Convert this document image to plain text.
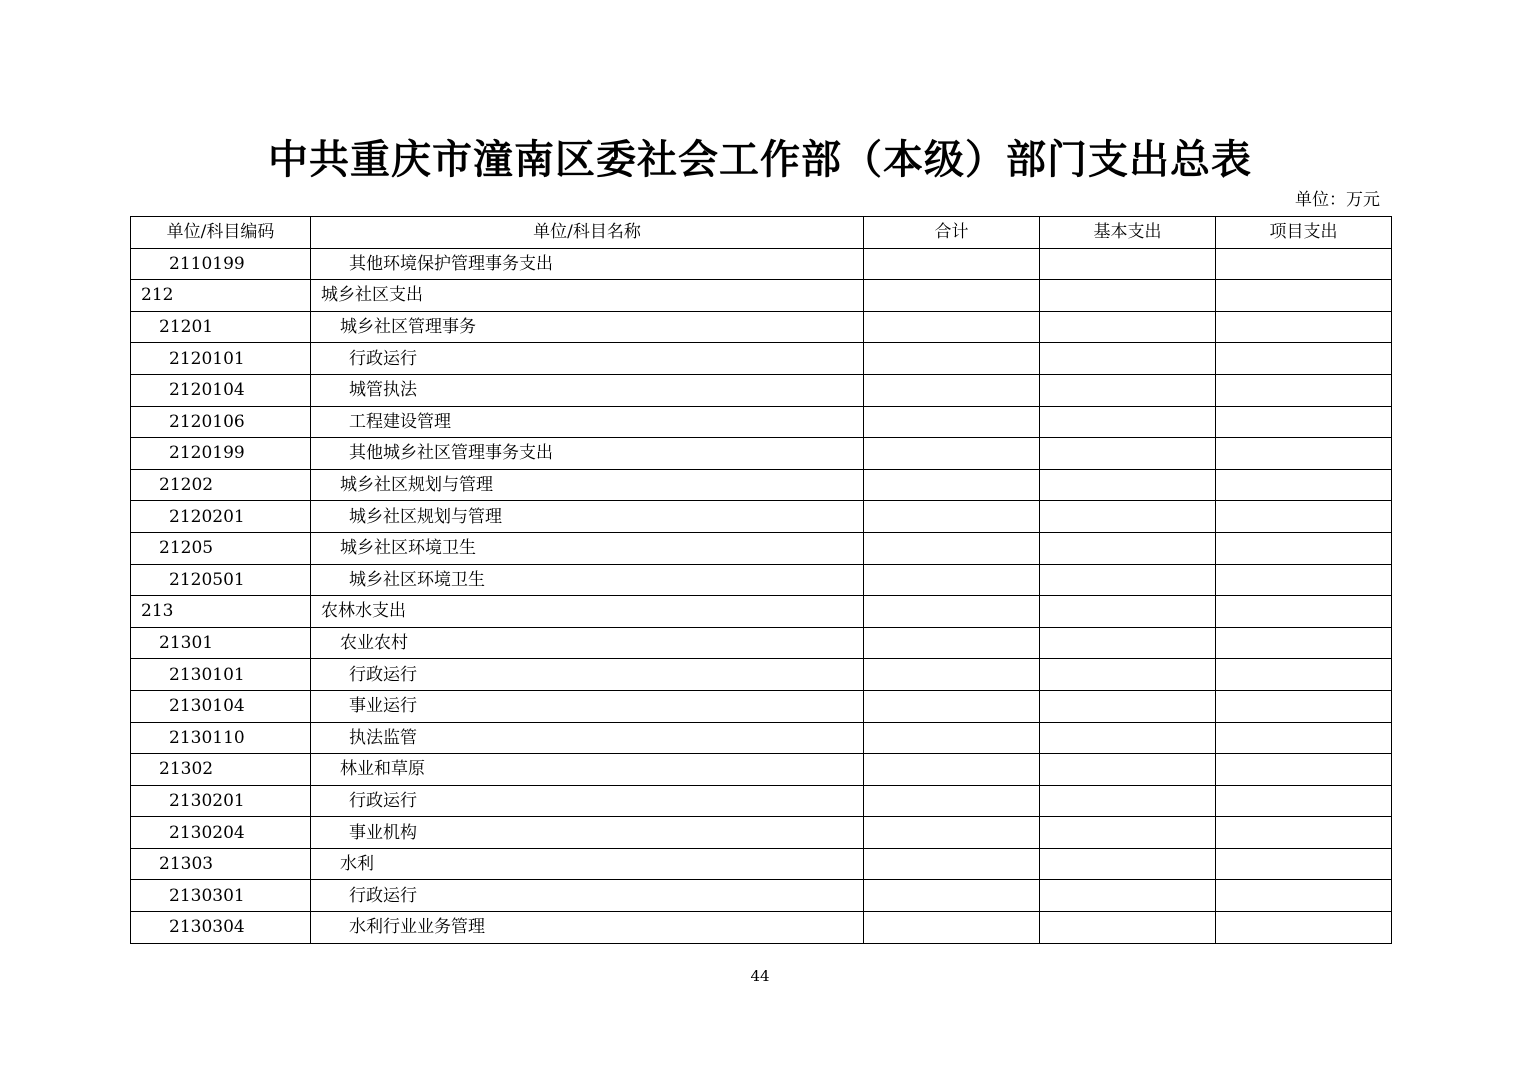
中共重庆市潼南区委社会工作部（本级）部门支出总表
单位：万元
单位/科目编码	单位/科目名称	合计	基本支出	项目支出
2110199	其他环境保护管理事务支出			
212	城乡社区支出			
21201	城乡社区管理事务			
2120101	行政运行			
2120104	城管执法			
2120106	工程建设管理			
2120199	其他城乡社区管理事务支出			
21202	城乡社区规划与管理			
2120201	城乡社区规划与管理			
21205	城乡社区环境卫生			
2120501	城乡社区环境卫生			
213	农林水支出			
21301	农业农村			
2130101	行政运行			
2130104	事业运行			
2130110	执法监管			
21302	林业和草原			
2130201	行政运行			
2130204	事业机构			
21303	水利			
2130301	行政运行			
2130304	水利行业业务管理			
44
